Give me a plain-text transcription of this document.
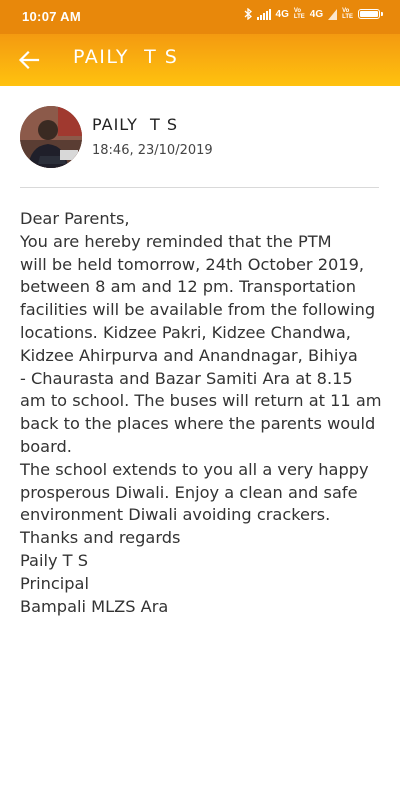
10:07 AM	4G Vo
LTE 4G	Vo
LTE
PAILY  T S
PAILY  T S
18:46, 23/10/2019

Dear Parents,

You are hereby reminded that the PTM
will be held tomorrow, 24th October 2019,
between 8 am and 12 pm. Transportation
facilities will be available from the following
locations. Kidzee Pakri, Kidzee Chandwa,
Kidzee Ahirpurva and Anandnagar, Bihiya
- Chaurasta and Bazar Samiti Ara at 8.15
am to school. The buses will return at 11 am
back to the places where the parents would
board.

The school extends to you all a very happy
prosperous Diwali. Enjoy a clean and safe
environment Diwali avoiding crackers.

Thanks and regards

Paily T S

Principal

Bampali MLZS Ara
